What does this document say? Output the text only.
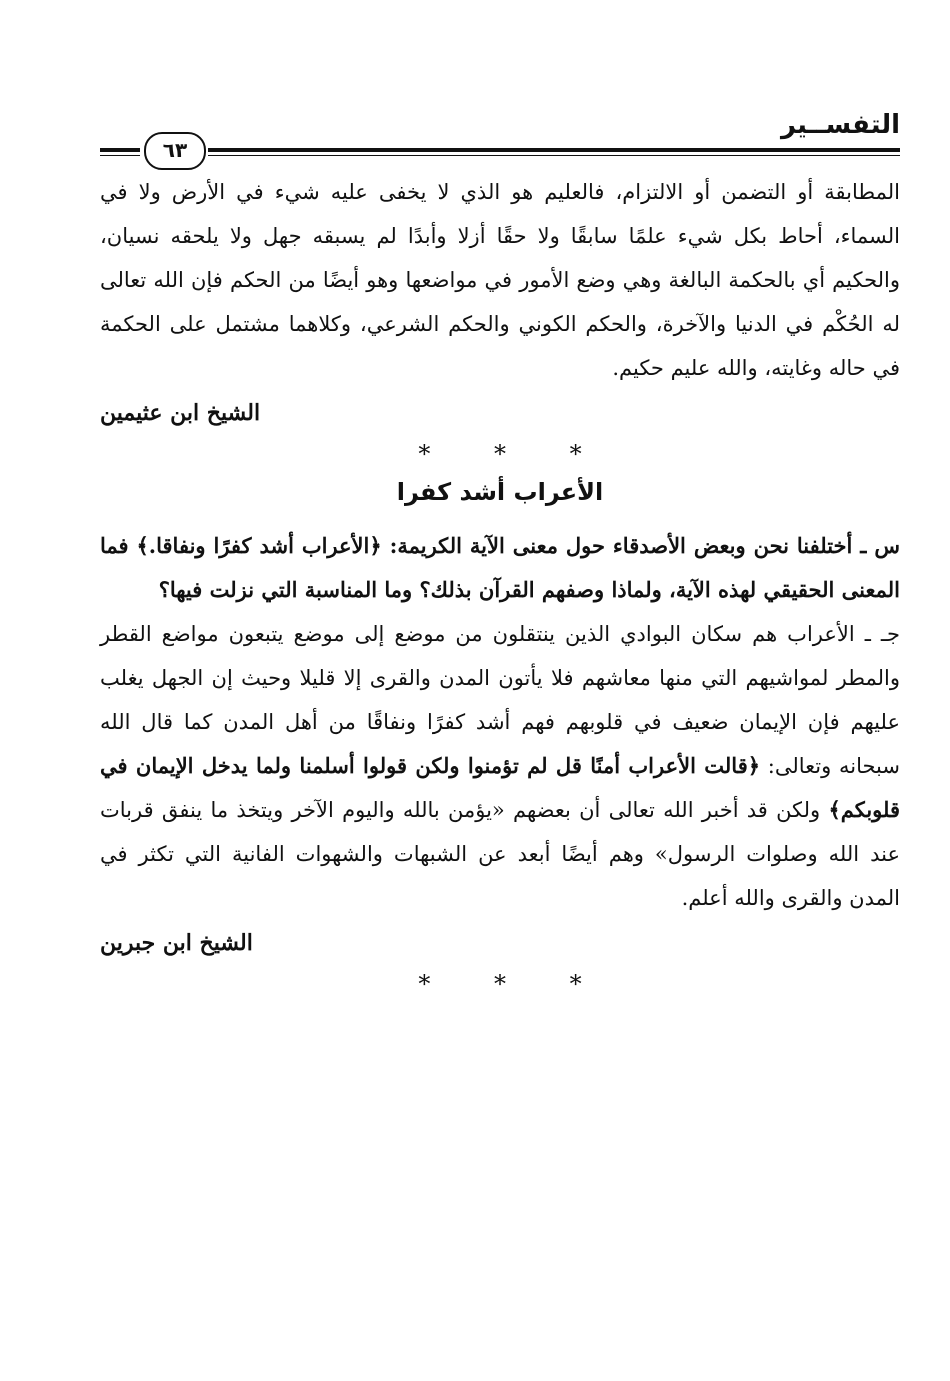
التفســير
٦٣

المطابقة أو التضمن أو الالتزام، فالعليم هو الذي لا يخفى عليه شيء في الأرض ولا في السماء، أحاط بكل شيء علمًا سابقًا ولا حقًا أزلا وأبدًا لم يسبقه جهل ولا يلحقه نسيان، والحكيم أي بالحكمة البالغة وهي وضع الأمور في مواضعها وهو أيضًا من الحكم فإن الله تعالى له الحُكْم في الدنيا والآخرة، والحكم الكوني والحكم الشرعي، وكلاهما مشتمل على الحكمة في حاله وغايته، والله عليم حكيم.

الشيخ ابن عثيمين
* * *
الأعراب أشد كفرا

س ـ أختلفنا نحن وبعض الأصدقاء حول معنى الآية الكريمة: ﴿الأعراب أشد كفرًا ونفاقا.﴾ فما المعنى الحقيقي لهذه الآية، ولماذا وصفهم القرآن بذلك؟ وما المناسبة التي نزلت فيها؟

جـ ـ الأعراب هم سكان البوادي الذين ينتقلون من موضع إلى موضع يتبعون مواضع القطر والمطر لمواشيهم التي منها معاشهم فلا يأتون المدن والقرى إلا قليلا وحيث إن الجهل يغلب عليهم فإن الإيمان ضعيف في قلوبهم فهم أشد كفرًا ونفاقًا من أهل المدن كما قال الله سبحانه وتعالى: ﴿قالت الأعراب أمنًا قل لم تؤمنوا ولكن قولوا أسلمنا ولما يدخل الإيمان في قلوبكم﴾ ولكن قد أخبر الله تعالى أن بعضهم «يؤمن بالله واليوم الآخر ويتخذ ما ينفق قربات عند الله وصلوات الرسول» وهم أيضًا أبعد عن الشبهات والشهوات الفانية التي تكثر في المدن والقرى والله أعلم.

الشيخ ابن جبرين
* * *
